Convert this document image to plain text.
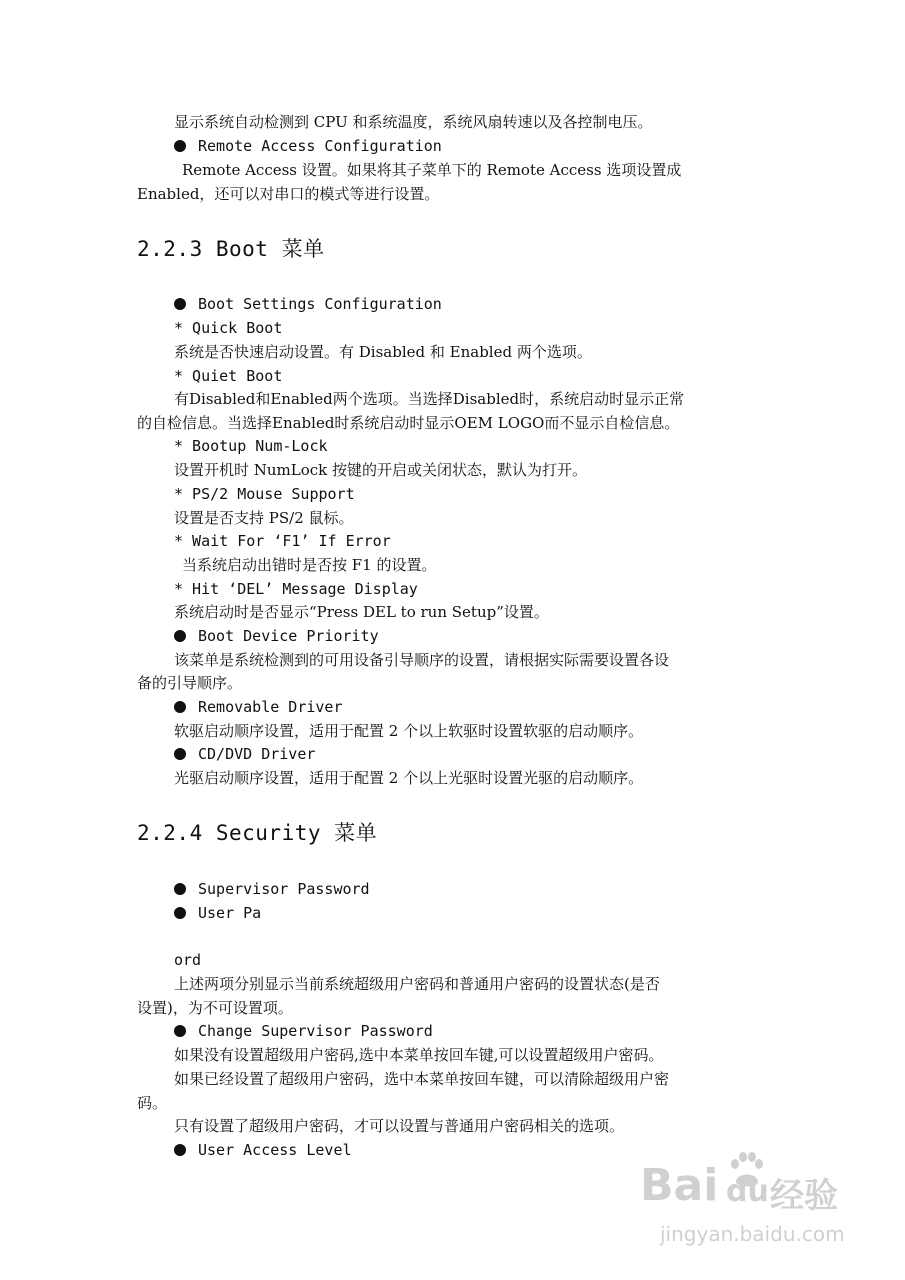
显示系统自动检测到 CPU 和系统温度，系统风扇转速以及各控制电压。
Remote Access Configuration
Remote Access 设置。如果将其子菜单下的 Remote Access 选项设置成
Enabled，还可以对串口的模式等进行设置。
2.2.3 Boot 菜单
Boot Settings Configuration
* Quick Boot
系统是否快速启动设置。有 Disabled 和 Enabled 两个选项。
* Quiet Boot
有Disabled和Enabled两个选项。当选择Disabled时，系统启动时显示正常
的自检信息。当选择Enabled时系统启动时显示OEM LOGO而不显示自检信息。
* Bootup Num-Lock
设置开机时 NumLock 按键的开启或关闭状态，默认为打开。
* PS/2 Mouse Support
设置是否支持 PS/2 鼠标。
* Wait For ‘F1’ If Error
当系统启动出错时是否按 F1 的设置。
* Hit ‘DEL’ Message Display
系统启动时是否显示“Press DEL to run Setup”设置。
Boot Device Priority
该菜单是系统检测到的可用设备引导顺序的设置，请根据实际需要设置各设
备的引导顺序。
Removable Driver
软驱启动顺序设置，适用于配置 2 个以上软驱时设置软驱的启动顺序。
CD/DVD Driver
光驱启动顺序设置，适用于配置 2 个以上光驱时设置光驱的启动顺序。
2.2.4 Security 菜单
Supervisor Password
User Pa
ord
上述两项分别显示当前系统超级用户密码和普通用户密码的设置状态(是否
设置)，为不可设置项。
Change Supervisor Password
如果没有设置超级用户密码,选中本菜单按回车键,可以设置超级用户密码。
如果已经设置了超级用户密码，选中本菜单按回车键，可以清除超级用户密
码。
只有设置了超级用户密码，才可以设置与普通用户密码相关的选项。
User Access Level
Bai du 经验
jingyan.baidu.com
